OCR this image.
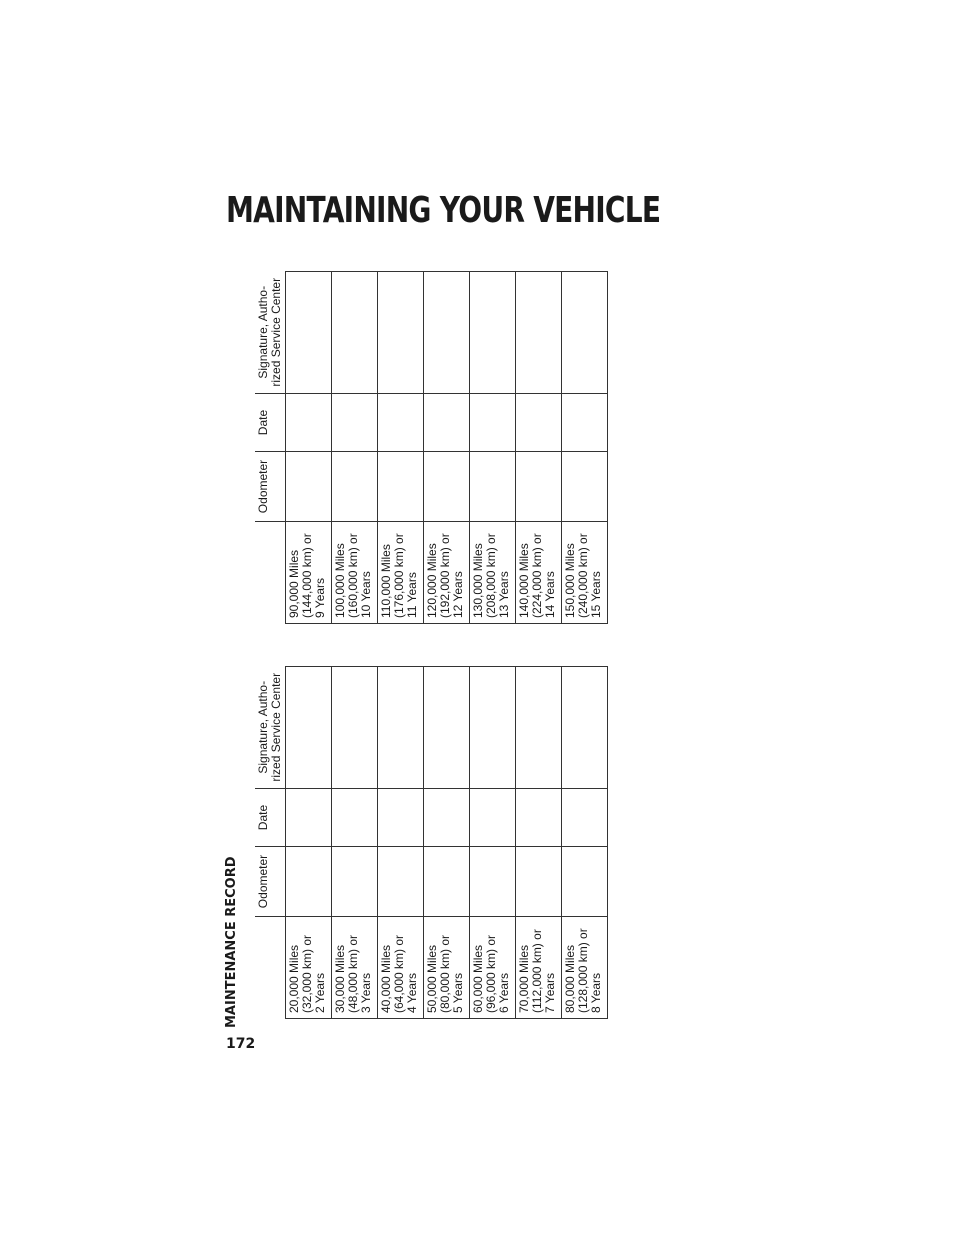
MAINTAINING YOUR VEHICLE
MAINTENANCE RECORD
172
	Odometer	Date	Signature, Autho- rized Service Center

20,000 Miles (32,000 km) or 2 Years			

30,000 Miles (48,000 km) or 3 Years			

40,000 Miles (64,000 km) or 4 Years			

50,000 Miles (80,000 km) or 5 Years			

60,000 Miles (96,000 km) or 6 Years			

70,000 Miles (112,000 km) or 7 Years			

80,000 Miles (128,000 km) or 8 Years			

	Odometer	Date	Signature, Autho- rized Service Center

90,000 Miles (144,000 km) or 9 Years			

100,000 Miles (160,000 km) or 10 Years			

110,000 Miles (176,000 km) or 11 Years			

120,000 Miles (192,000 km) or 12 Years			

130,000 Miles (208,000 km) or 13 Years			

140,000 Miles (224,000 km) or 14 Years			

150,000 Miles (240,000 km) or 15 Years			
